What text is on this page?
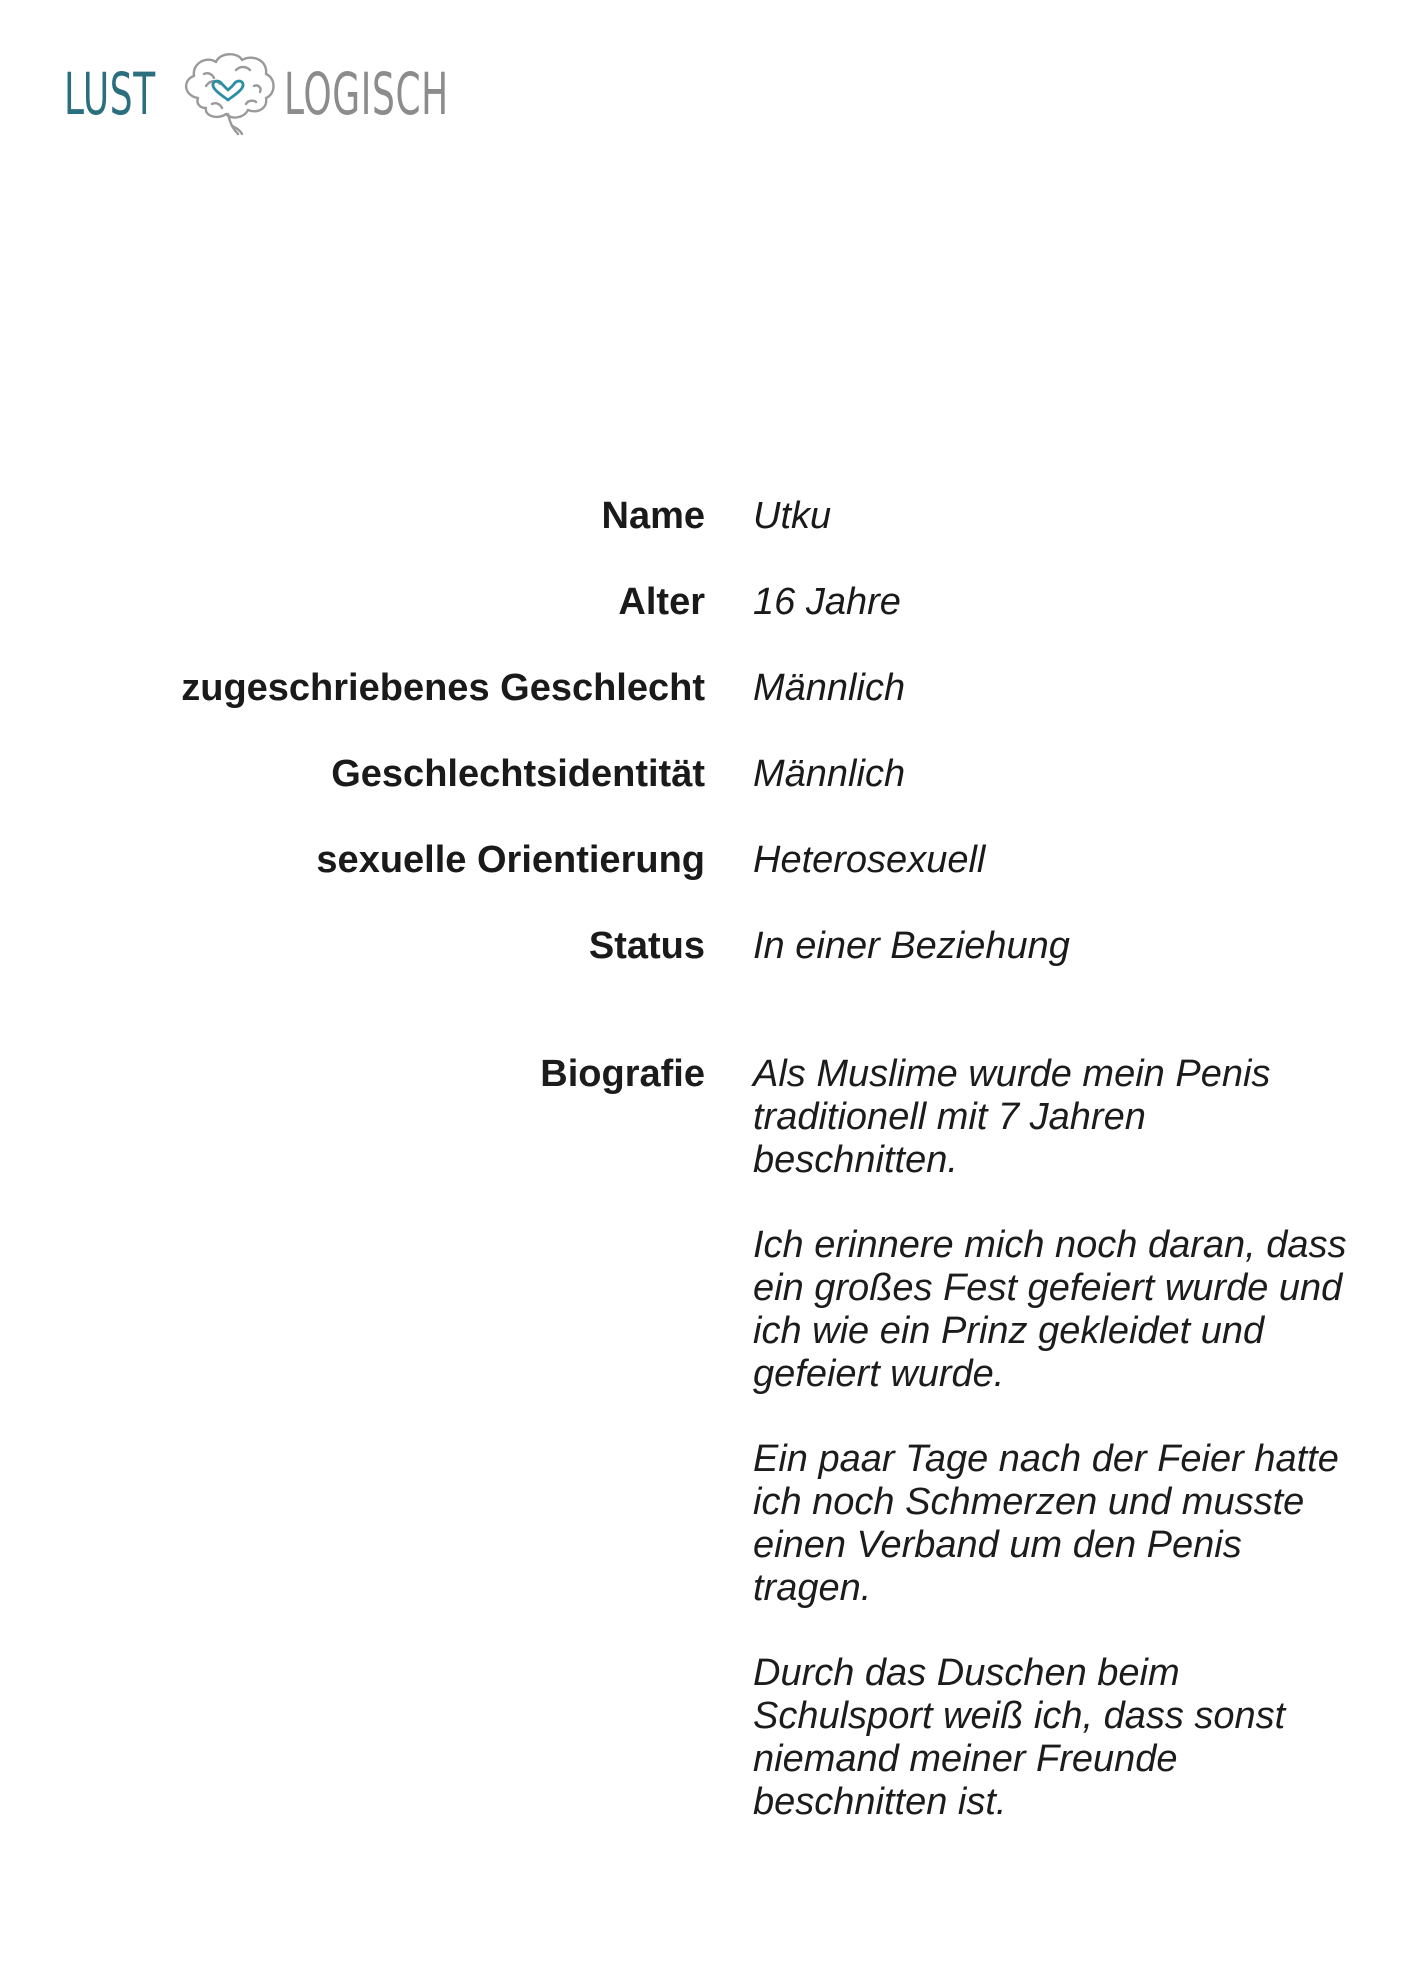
LUST LOGISCH
Name Utku
Alter 16 Jahre
zugeschriebenes Geschlecht Männlich
Geschlechtsidentität Männlich
sexuelle Orientierung Heterosexuell
Status In einer Beziehung
Biografie Als Muslime wurde mein Penis traditionell mit 7 Jahren beschnitten.

Ich erinnere mich noch daran, dass ein großes Fest gefeiert wurde und ich wie ein Prinz gekleidet und gefeiert wurde.

Ein paar Tage nach der Feier hatte ich noch Schmerzen und musste einen Verband um den Penis tragen.

Durch das Duschen beim Schulsport weiß ich, dass sonst niemand meiner Freunde beschnitten ist.
